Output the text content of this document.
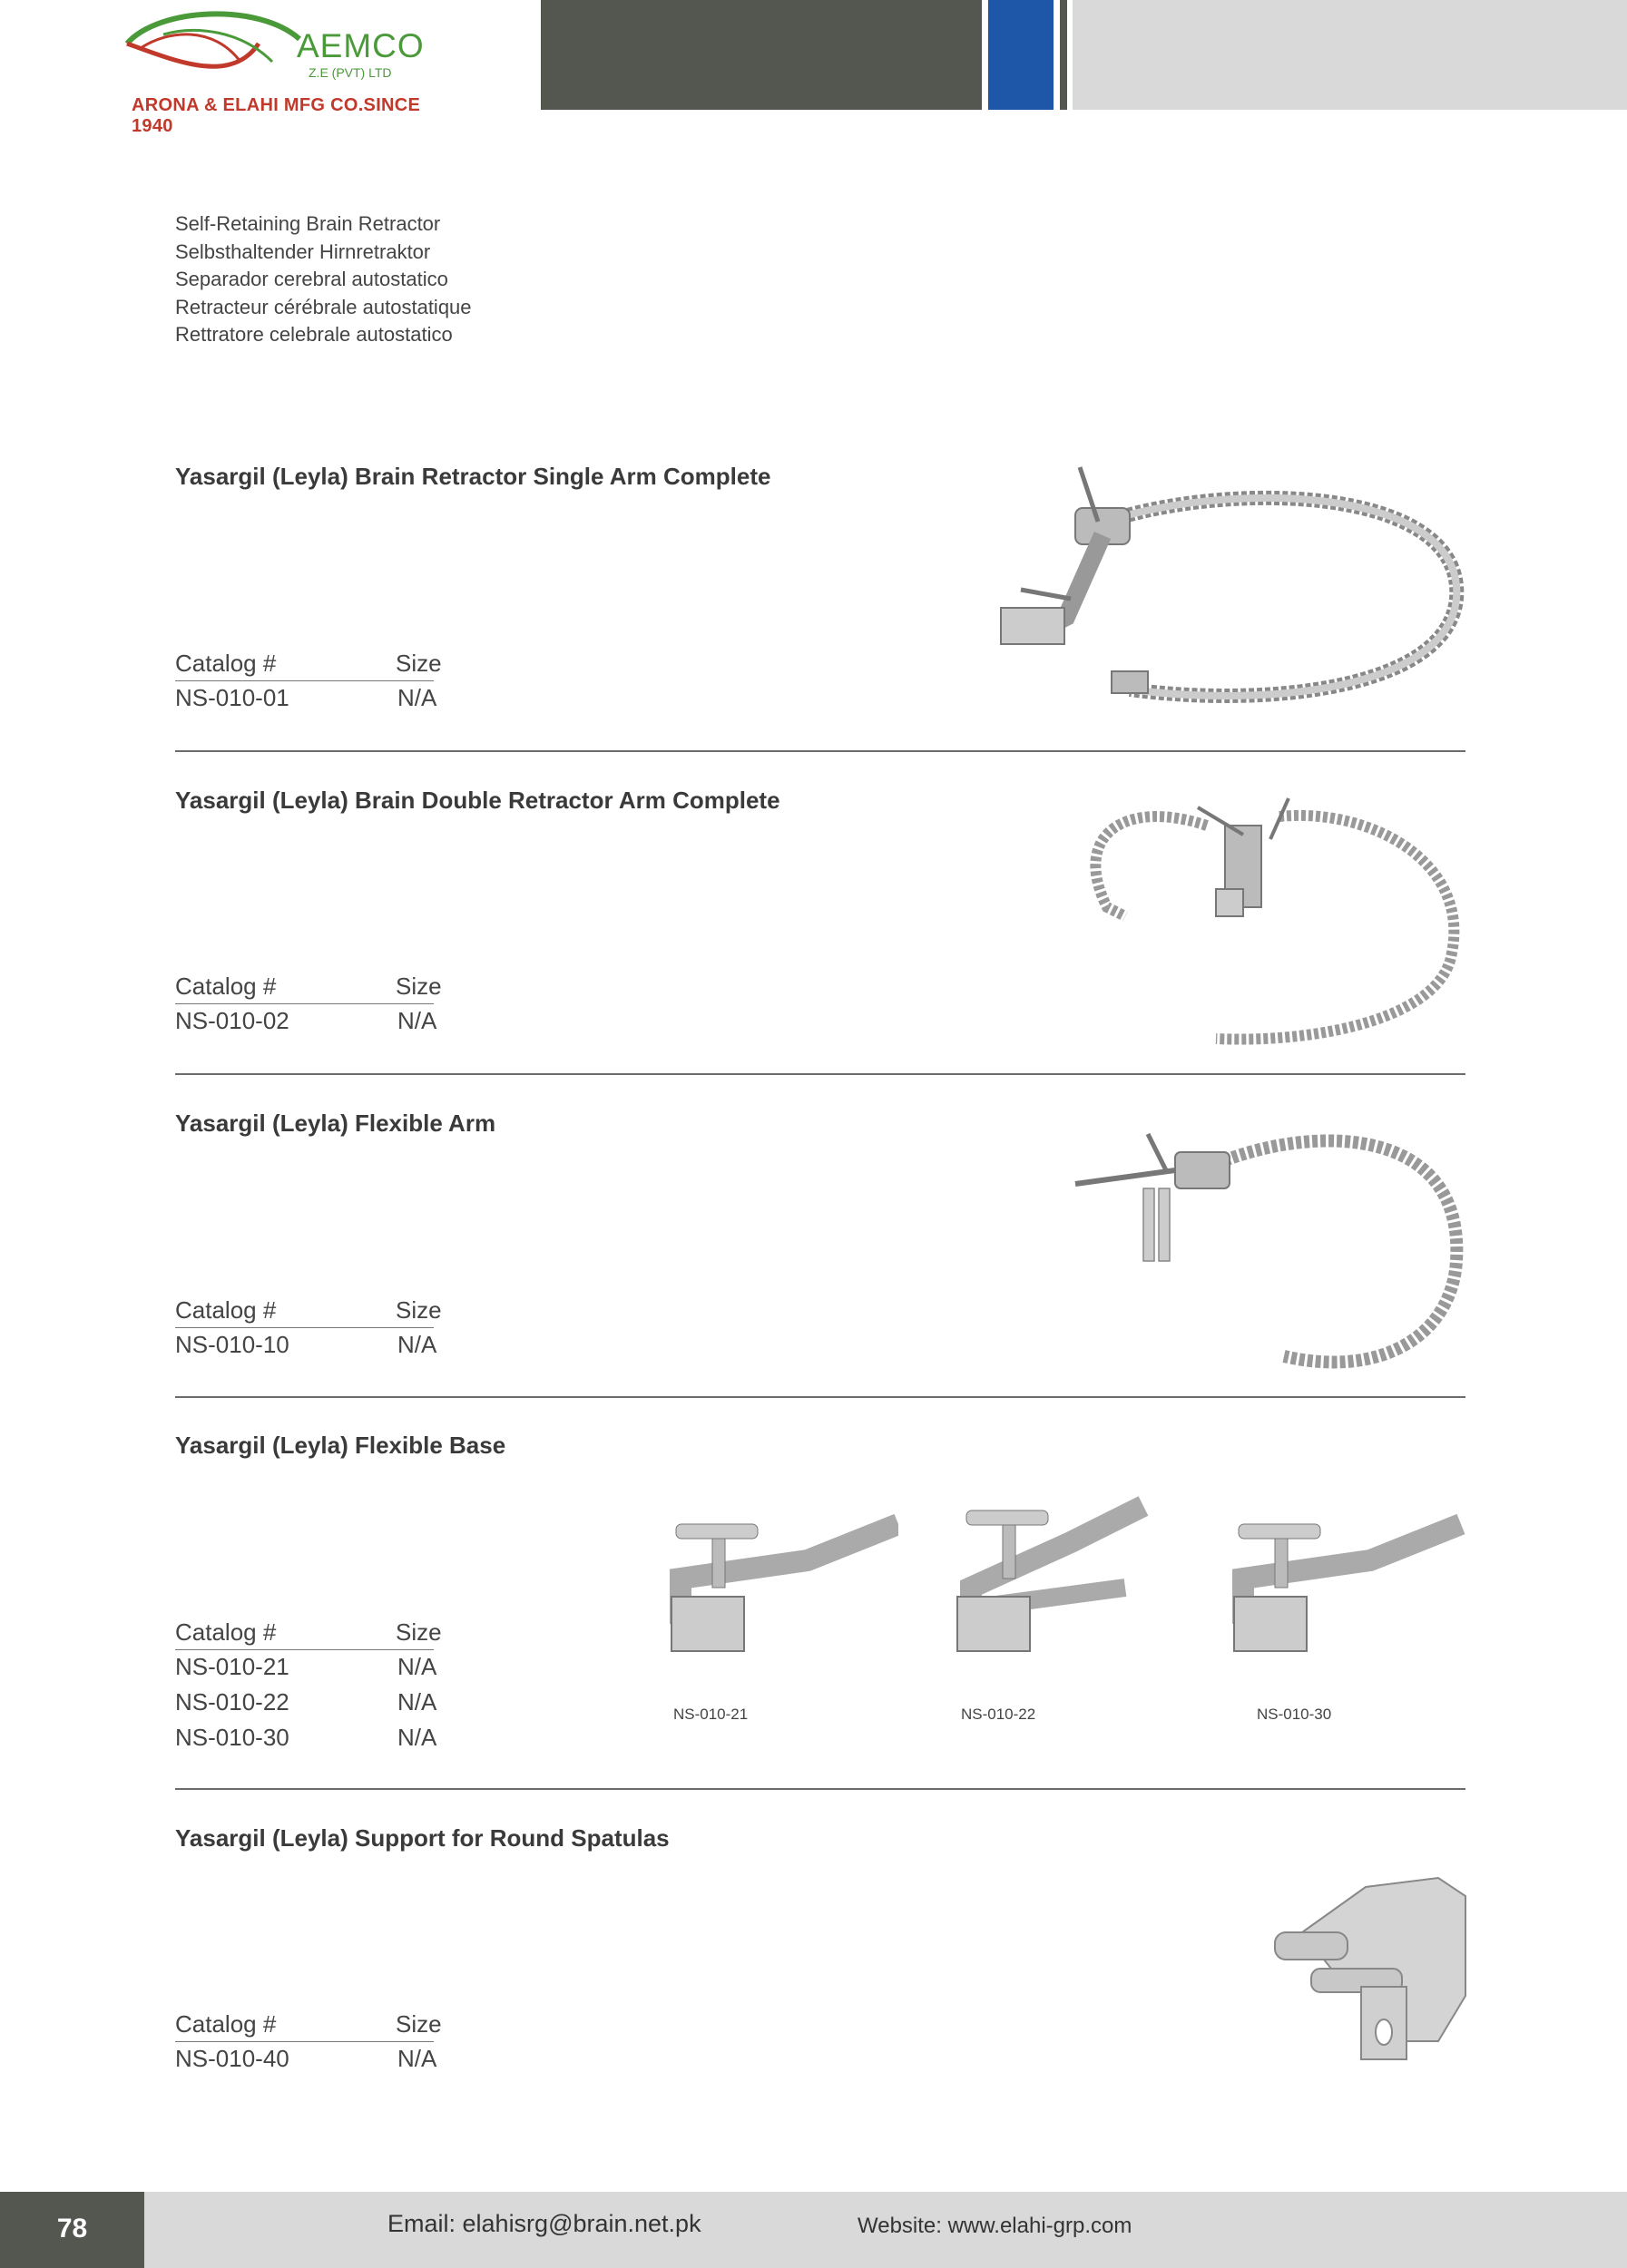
AEMCO
Z.E (PVT) LTD
ARONA & ELAHI MFG CO.SINCE 1940
Self-Retaining Brain Retractor
Selbsthaltender Hirnretraktor
Separador cerebral autostatico
Retracteur cérébrale autostatique
Rettratore celebrale autostatico
Yasargil (Leyla) Brain Retractor Single Arm Complete
Catalog #	Size
NS-010-01	N/A
Yasargil (Leyla) Brain Double Retractor Arm Complete
Catalog #	Size
NS-010-02	N/A
Yasargil (Leyla) Flexible Arm
Catalog #	Size
NS-010-10	N/A
Yasargil (Leyla) Flexible Base
Catalog #	Size
NS-010-21	N/A
NS-010-22	N/A
NS-010-30	N/A
NS-010-21	NS-010-22	NS-010-30
Yasargil (Leyla) Support for Round Spatulas
Catalog #	Size
NS-010-40	N/A
78	Email: elahisrg@brain.net.pk	Website: www.elahi-grp.com
